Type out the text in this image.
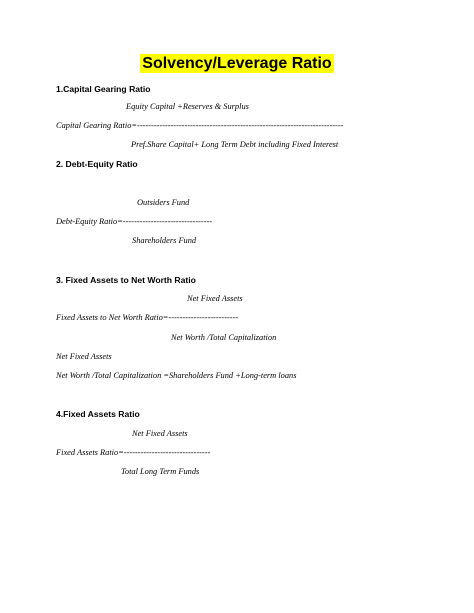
Solvency/Leverage Ratio
1.Capital Gearing Ratio
Equity Capital +Reserves & Surplus
Capital Gearing Ratio=--------------------------------------------------------------------------
Pref.Share Capital+ Long Term Debt including Fixed Interest
2. Debt-Equity Ratio
Outsiders Fund
Debt-Equity Ratio=--------------------------------
Shareholders Fund
3. Fixed Assets to Net Worth Ratio
Net Fixed Assets
Fixed Assets to Net Worth Ratio=-------------------------
Net Worth /Total Capitalization
Net Fixed Assets
Net Worth /Total Capitalization =Shareholders Fund +Long-term loans
4.Fixed Assets Ratio
Net Fixed Assets
Fixed Assets Ratio=-------------------------------
Total Long Term Funds
